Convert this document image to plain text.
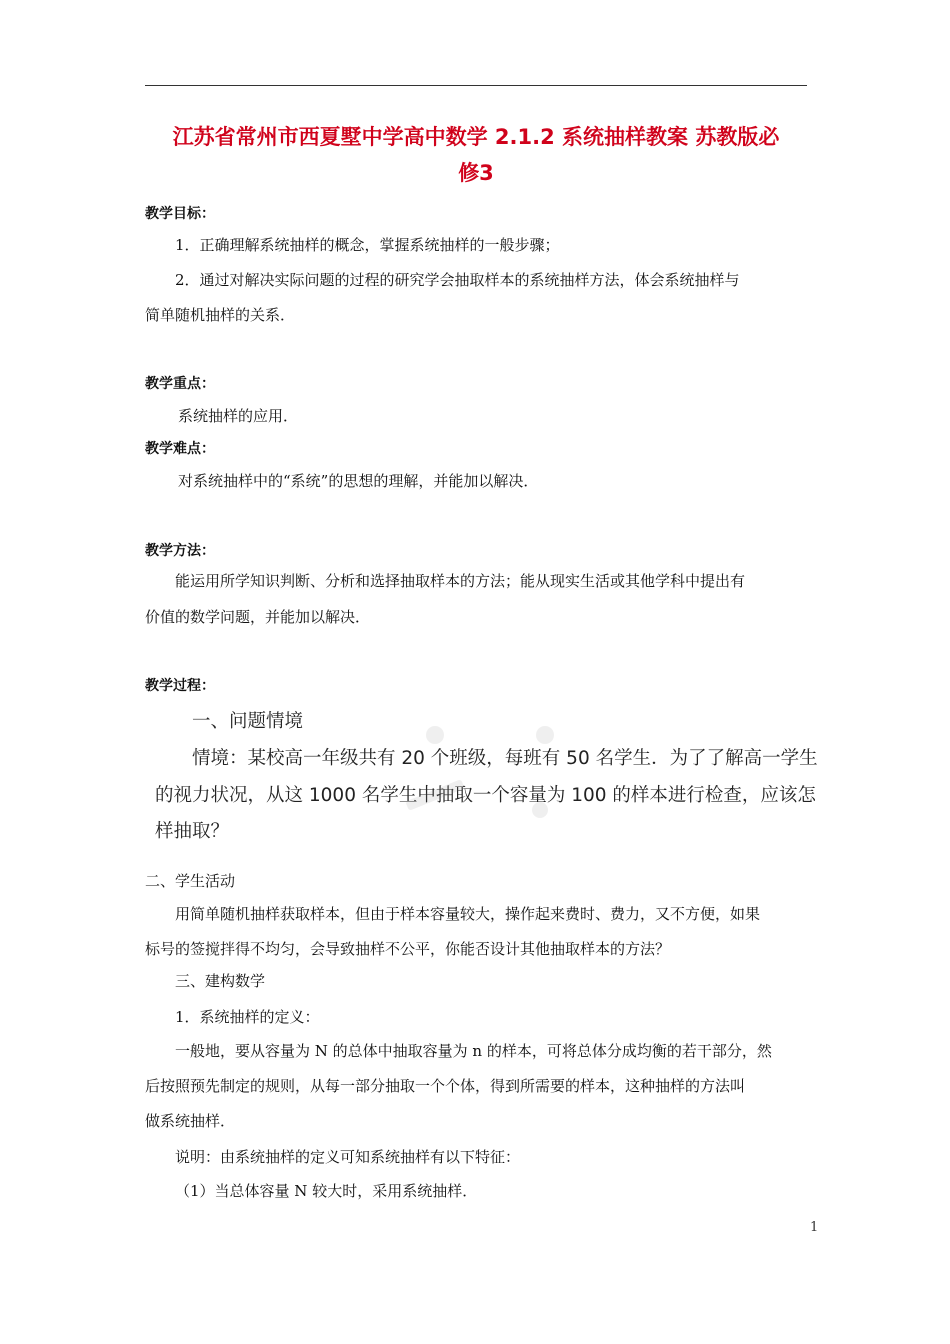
江苏省常州市西夏墅中学高中数学 2.1.2 系统抽样教案 苏教版必
修3
教学目标：
1．正确理解系统抽样的概念，掌握系统抽样的一般步骤；
2．通过对解决实际问题的过程的研究学会抽取样本的系统抽样方法，体会系统抽样与
简单随机抽样的关系．
教学重点：
系统抽样的应用．
教学难点：
对系统抽样中的“系统”的思想的理解，并能加以解决．
教学方法：
能运用所学知识判断、分析和选择抽取样本的方法；能从现实生活或其他学科中提出有
价值的数学问题，并能加以解决．
教学过程：
一、问题情境
情境：某校高一年级共有 20 个班级，每班有 50 名学生．为了了解高一学生
的视力状况，从这 1000 名学生中抽取一个容量为 100 的样本进行检查，应该怎
样抽取？
二、学生活动
用简单随机抽样获取样本，但由于样本容量较大，操作起来费时、费力，又不方便，如果
标号的签搅拌得不均匀，会导致抽样不公平，你能否设计其他抽取样本的方法？
三、建构数学
1．系统抽样的定义：
一般地，要从容量为 N 的总体中抽取容量为 n 的样本，可将总体分成均衡的若干部分，然
后按照预先制定的规则，从每一部分抽取一个个体，得到所需要的样本，这种抽样的方法叫
做系统抽样．
说明：由系统抽样的定义可知系统抽样有以下特征：
（1）当总体容量 N 较大时，采用系统抽样．
1
